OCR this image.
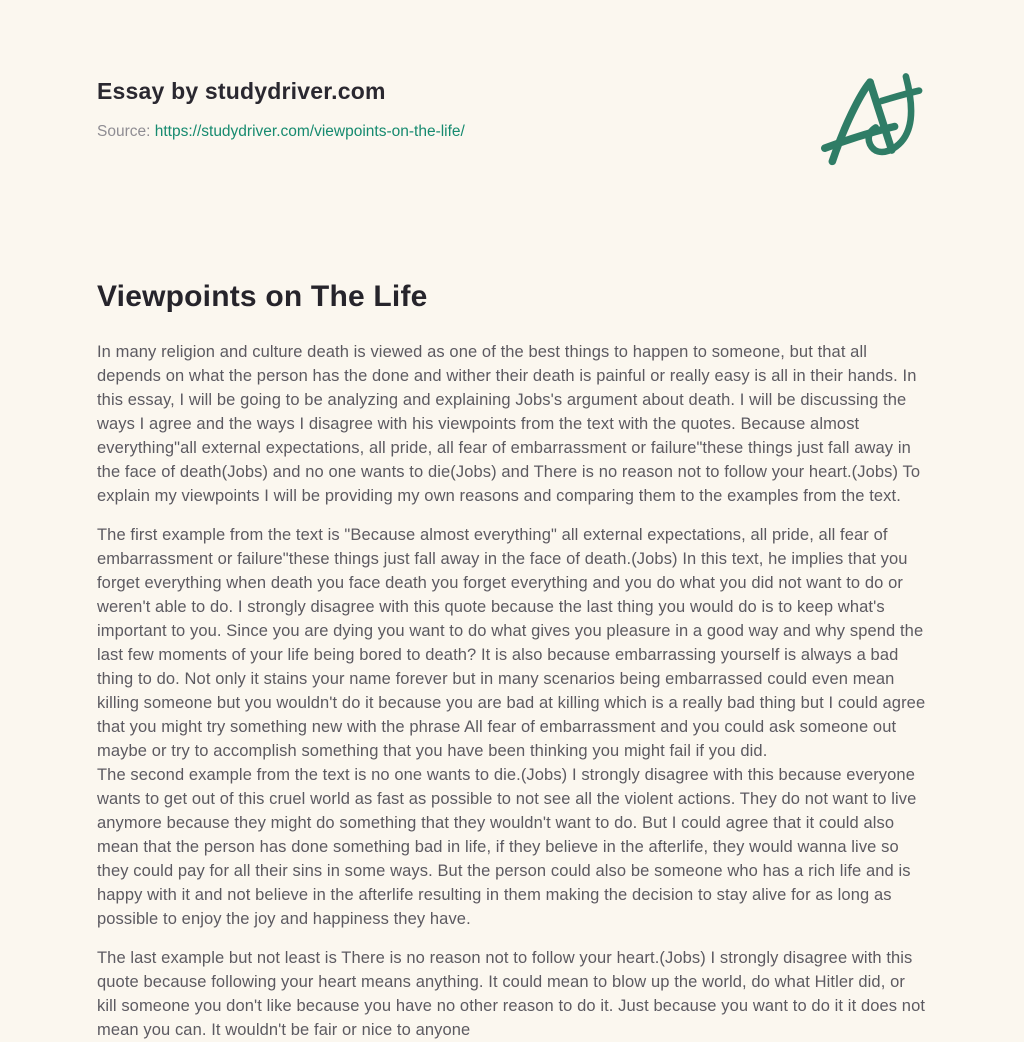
Essay by studydriver.com
Source: https://studydriver.com/viewpoints-on-the-life/
Viewpoints on The Life

In many religion and culture death is viewed as one of the best things to happen to someone, but that all depends on what the person has the done and wither their death is painful or really easy is all in their hands. In this essay, I will be going to be analyzing and explaining Jobs's argument about death. I will be discussing the ways I agree and the ways I disagree with his viewpoints from the text with the quotes. Because almost everything"all external expectations, all pride, all fear of embarrassment or failure"these things just fall away in the face of death(Jobs) and no one wants to die(Jobs) and There is no reason not to follow your heart.(Jobs) To explain my viewpoints I will be providing my own reasons and comparing them to the examples from the text.

The first example from the text is "Because almost everything" all external expectations, all pride, all fear of embarrassment or failure"these things just fall away in the face of death.(Jobs) In this text, he implies that you forget everything when death you face death you forget everything and you do what you did not want to do or weren't able to do. I strongly disagree with this quote because the last thing you would do is to keep what's important to you. Since you are dying you want to do what gives you pleasure in a good way and why spend the last few moments of your life being bored to death? It is also because embarrassing yourself is always a bad thing to do. Not only it stains your name forever but in many scenarios being embarrassed could even mean killing someone but you wouldn't do it because you are bad at killing which is a really bad thing but I could agree that you might try something new with the phrase All fear of embarrassment and you could ask someone out maybe or try to accomplish something that you have been thinking you might fail if you did.

The second example from the text is no one wants to die.(Jobs) I strongly disagree with this because everyone wants to get out of this cruel world as fast as possible to not see all the violent actions. They do not want to live anymore because they might do something that they wouldn't want to do. But I could agree that it could also mean that the person has done something bad in life, if they believe in the afterlife, they would wanna live so they could pay for all their sins in some ways. But the person could also be someone who has a rich life and is happy with it and not believe in the afterlife resulting in them making the decision to stay alive for as long as possible to enjoy the joy and happiness they have.

The last example but not least is There is no reason not to follow your heart.(Jobs) I strongly disagree with this quote because following your heart means anything. It could mean to blow up the world, do what Hitler did, or kill someone you don't like because you have no other reason to do it. Just because you want to do it it does not mean you can. It wouldn't be fair or nice to anyone
